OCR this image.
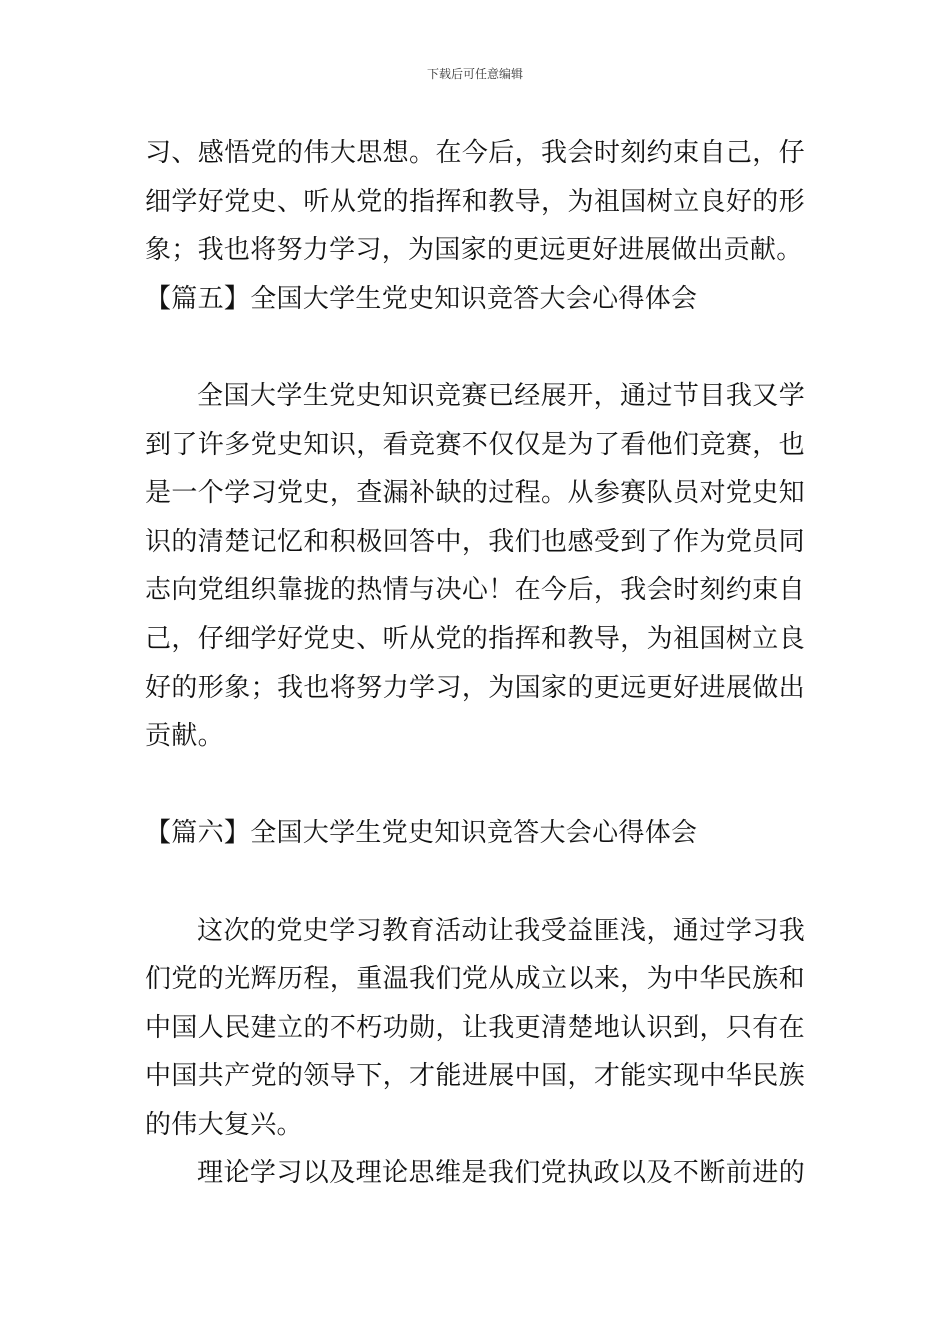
下载后可任意编辑
习、感悟党的伟大思想。在今后，我会时刻约束自己，仔
细学好党史、听从党的指挥和教导，为祖国树立良好的形
象；我也将努力学习，为国家的更远更好进展做出贡献。
【篇五】全国大学生党史知识竞答大会心得体会
全国大学生党史知识竞赛已经展开，通过节目我又学
到了许多党史知识，看竞赛不仅仅是为了看他们竞赛，也
是一个学习党史，查漏补缺的过程。从参赛队员对党史知
识的清楚记忆和积极回答中，我们也感受到了作为党员同
志向党组织靠拢的热情与决心！在今后，我会时刻约束自
己，仔细学好党史、听从党的指挥和教导，为祖国树立良
好的形象；我也将努力学习，为国家的更远更好进展做出
贡献。
【篇六】全国大学生党史知识竞答大会心得体会
这次的党史学习教育活动让我受益匪浅，通过学习我
们党的光辉历程，重温我们党从成立以来，为中华民族和
中国人民建立的不朽功勋，让我更清楚地认识到，只有在
中国共产党的领导下，才能进展中国，才能实现中华民族
的伟大复兴。
理论学习以及理论思维是我们党执政以及不断前进的
